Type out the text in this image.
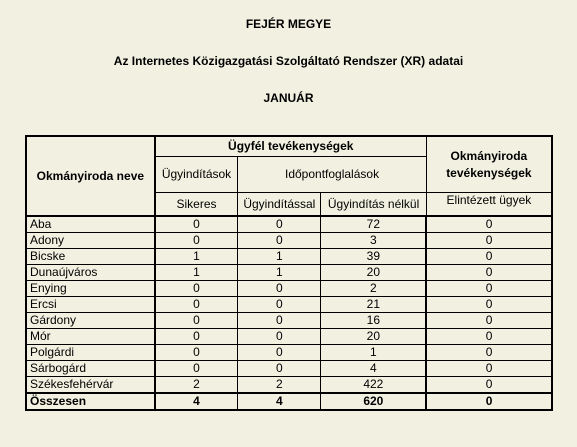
FEJÉR MEGYE
Az Internetes Közigazgatási Szolgáltató Rendszer (XR) adatai
JANUÁR
Okmányiroda neve	Ügyfél tevékenységek			Okmányiroda tevékenységek
	Ügyindítások	Időpontfoglalások		
	Sikeres	Ügyindítással	Ügyindítás nélkül	Elintézett ügyek
Aba	0	0	72	0
Adony	0	0	3	0
Bicske	1	1	39	0
Dunaújváros	1	1	20	0
Enying	0	0	2	0
Ercsi	0	0	21	0
Gárdony	0	0	16	0
Mór	0	0	20	0
Polgárdi	0	0	1	0
Sárbogárd	0	0	4	0
Székesfehérvár	2	2	422	0
Összesen	4	4	620	0
